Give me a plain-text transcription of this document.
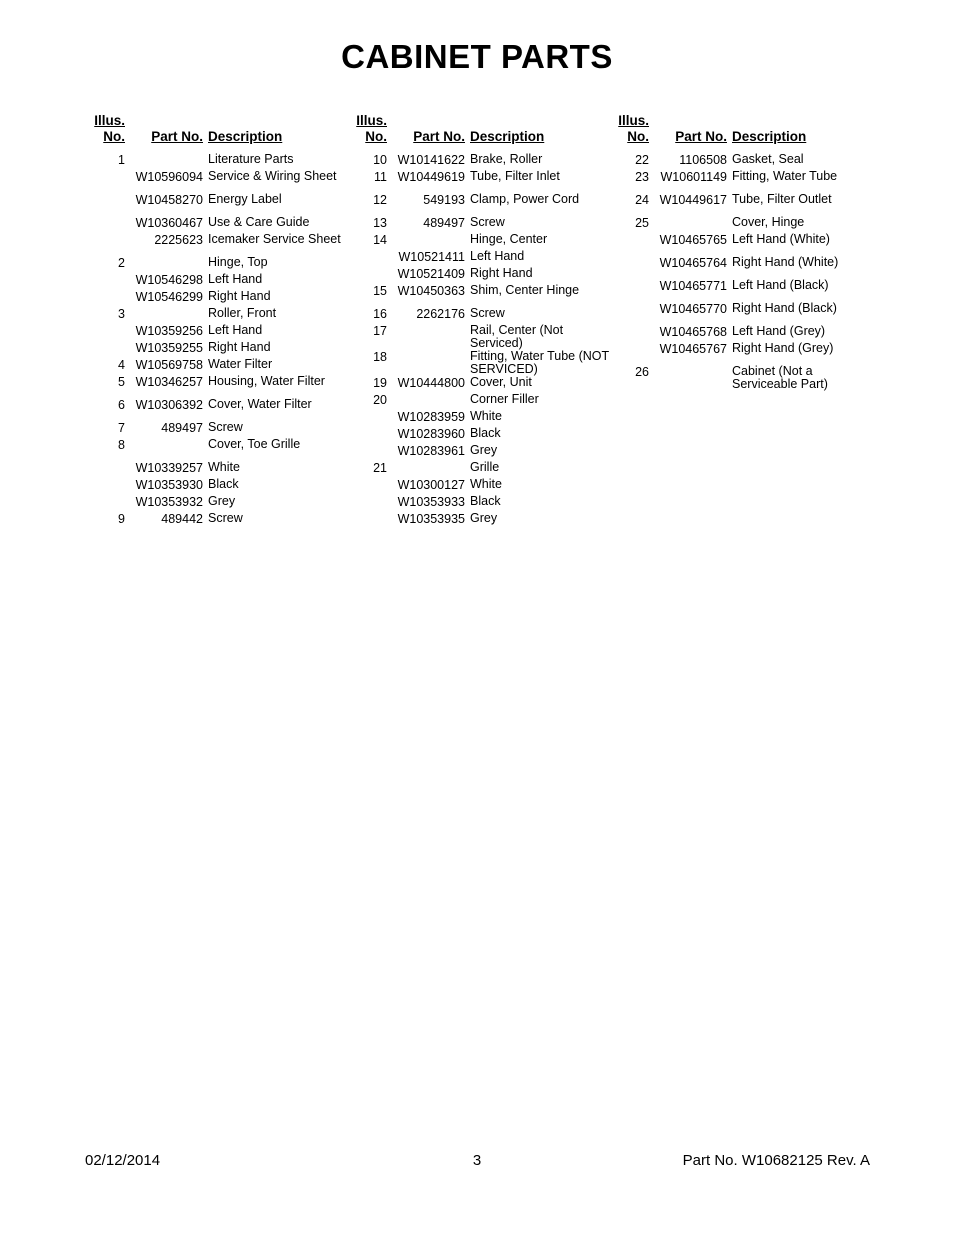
CABINET PARTS
Illus.
No.	Part No. Description
1	Literature Parts
W10596094 Service & Wiring Sheet
W10458270 Energy Label
W10360467 Use & Care Guide
2225623 Icemaker Service Sheet
2	Hinge, Top
W10546298 Left Hand
W10546299 Right Hand
3	Roller, Front
W10359256 Left Hand
W10359255 Right Hand
4 W10569758 Water Filter
5 W10346257 Housing, Water Filter
6 W10306392 Cover, Water Filter
7	489497 Screw
8	Cover, Toe Grille
W10339257 White
W10353930 Black
W10353932 Grey
9	489442 Screw
Illus.
No.	Part No. Description
10 W10141622 Brake, Roller
11 W10449619 Tube, Filter Inlet
12	549193 Clamp, Power Cord
13	489497 Screw
14	Hinge, Center
W10521411 Left Hand
W10521409 Right Hand
15 W10450363 Shim, Center Hinge
16	2262176 Screw
17	Rail, Center (Not Serviced)
18	Fitting, Water Tube (NOT SERVICED)
19 W10444800 Cover, Unit
20	Corner Filler
W10283959 White
W10283960 Black
W10283961 Grey
21	Grille
W10300127 White
W10353933 Black
W10353935 Grey
Illus.
No.	Part No. Description
22	1106508 Gasket, Seal
23 W10601149 Fitting, Water Tube
24 W10449617 Tube, Filter Outlet
25	Cover, Hinge
W10465765 Left Hand (White)
W10465764 Right Hand (White)
W10465771 Left Hand (Black)
W10465770 Right Hand (Black)
W10465768 Left Hand (Grey)
W10465767 Right Hand (Grey)
26	Cabinet (Not a Serviceable Part)
02/12/2014	3	Part No. W10682125 Rev. A
